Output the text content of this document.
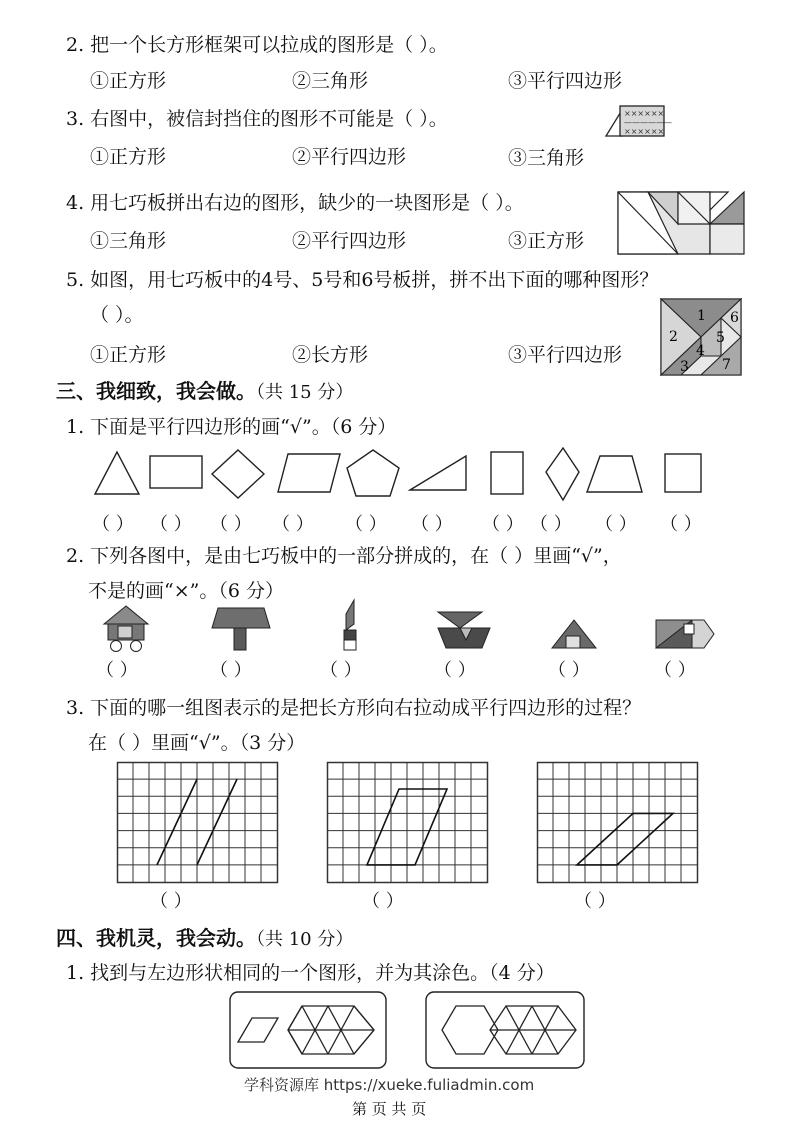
2. 把一个长方形框架可以拉成的图形是（ ）。
①正方形	②三角形	③平行四边形
3. 右图中，被信封挡住的图形不可能是（ ）。	××××××
——————
××××××
①正方形	②平行四边形	③三角形
4. 用七巧板拼出右边的图形，缺少的一块图形是（ ）。
①三角形	②平行四边形	③正方形
5. 如图，用七巧板中的4号、5号和6号板拼，拼不出下面的哪种图形？
（ ）。
①正方形	②长方形	③平行四边形
1
2
3
4
5
6
7
三、我细致，我会做。（共 15 分）
1. 下面是平行四边形的画“√”。（6 分）
（ ） （ ） （ ） （ ） （ ） （ ） （ ） （ ） （ ） （ ）
2. 下列各图中，是由七巧板中的一部分拼成的，在（ ）里画“√”，
不是的画“×”。（6 分）
（ ）	（ ）	（ ）	（ ）	（ ）	（ ）
3. 下面的哪一组图表示的是把长方形向右拉动成平行四边形的过程？
在（ ）里画“√”。（3 分）
（ ）	（ ）	（ ）
四、我机灵，我会动。（共 10 分）
1. 找到与左边形状相同的一个图形，并为其涂色。（4 分）
学科资源库 https://xueke.fuliadmin.com
第 页 共 页
